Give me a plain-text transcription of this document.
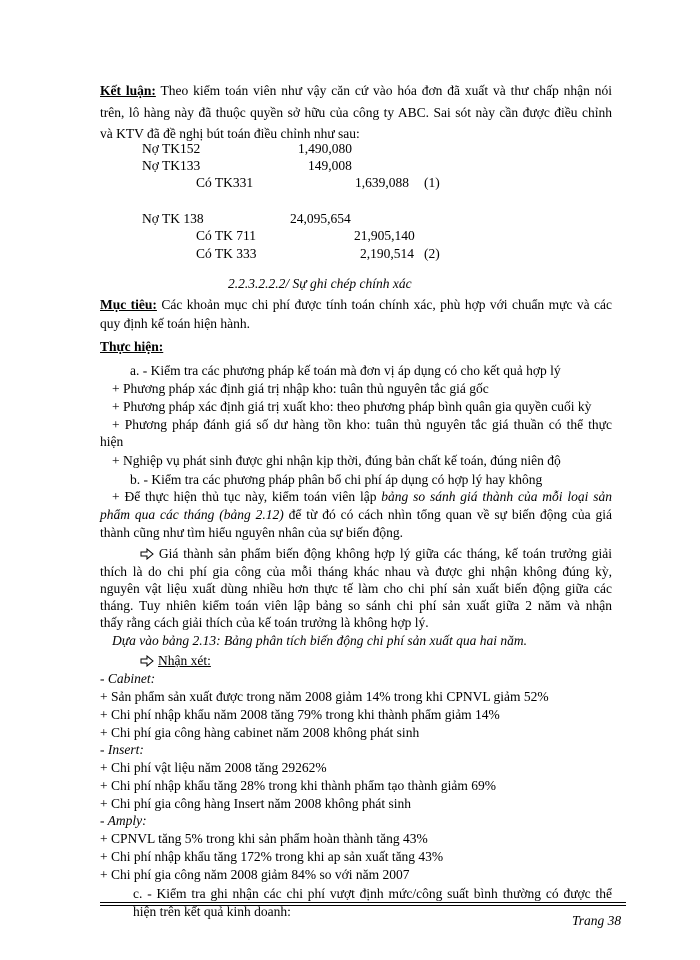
Kết luận: Theo kiểm toán viên như vậy căn cứ vào hóa đơn đã xuất và thư chấp nhận nói
trên, lô hàng này đã thuộc quyền sở hữu của công ty ABC. Sai sót này cần được điều chỉnh
và KTV đã đề nghị bút toán điều chỉnh như sau:
Nợ TK152	1,490,080
Nợ TK133	149,008
Có TK331	1,639,088 (1)
Nợ TK 138	24,095,654
Có TK 711	21,905,140
Có TK 333	2,190,514 (2)
2.2.3.2.2.2/ Sự ghi chép chính xác
Mục tiêu: Các khoản mục chi phí được tính toán chính xác, phù hợp với chuẩn mực và các
quy định kế toán hiện hành.
Thực hiện:
a. - Kiểm tra các phương pháp kế toán mà đơn vị áp dụng có cho kết quả hợp lý
+ Phương pháp xác định giá trị nhập kho: tuân thủ nguyên tắc giá gốc
+ Phương pháp xác định giá trị xuất kho: theo phương pháp bình quân gia quyền cuối kỳ
+ Phương pháp đánh giá số dư hàng tồn kho: tuân thủ nguyên tắc giá thuần có thể thực
hiện
+ Nghiệp vụ phát sinh được ghi nhận kịp thời, đúng bản chất kế toán, đúng niên độ
b. - Kiểm tra các phương pháp phân bổ chi phí áp dụng có hợp lý hay không
+ Để thực hiện thủ tục này, kiểm toán viên lập bảng so sánh giá thành của mỗi loại sản
phẩm qua các tháng (bảng 2.12) để từ đó có cách nhìn tổng quan về sự biến động của giá
thành cũng như tìm hiểu nguyên nhân của sự biến động.
Giá thành sản phẩm biến động không hợp lý giữa các tháng, kế toán trưởng giải
thích là do chi phí gia công của mỗi tháng khác nhau và được ghi nhận không đúng kỳ,
nguyên vật liệu xuất dùng nhiều hơn thực tế làm cho chi phí sản xuất biến động giữa các
tháng. Tuy nhiên kiểm toán viên lập bảng so sánh chi phí sản xuất giữa 2 năm và nhận
thấy rằng cách giải thích của kế toán trưởng là không hợp lý.
Dựa vào bảng 2.13: Bảng phân tích biến động chi phí sản xuất qua hai năm.
Nhận xét:
- Cabinet:
+ Sản phẩm sản xuất được trong năm 2008 giảm 14% trong khi CPNVL giảm 52%
+ Chi phí nhập khẩu năm 2008 tăng 79% trong khi thành phẩm giảm 14%
+ Chi phí gia công hàng cabinet năm 2008 không phát sinh
- Insert:
+ Chi phí vật liệu năm 2008 tăng 29262%
+ Chi phí nhập khẩu tăng 28% trong khi thành phẩm tạo thành giảm 69%
+ Chi phí gia công hàng Insert năm 2008 không phát sinh
- Amply:
+ CPNVL tăng 5% trong khi sản phẩm hoàn thành tăng 43%
+ Chi phí nhập khẩu tăng 172% trong khi ap sản xuất tăng 43%
+ Chi phí gia công năm 2008 giảm 84% so với năm 2007
c. - Kiểm tra ghi nhận các chi phí vượt định mức/công suất bình thường có được thể
hiện trên kết quả kinh doanh:
Trang 38
